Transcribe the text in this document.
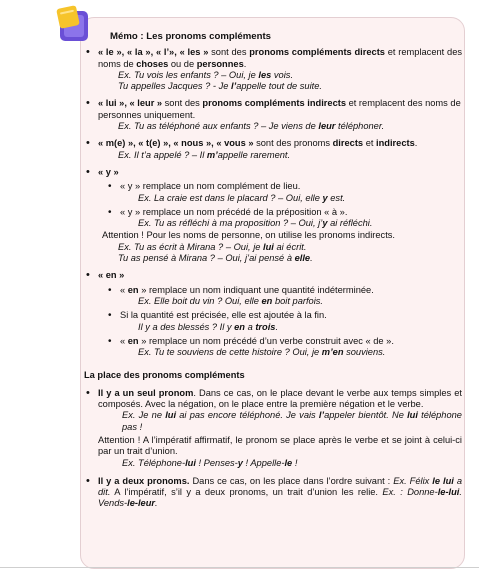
Mémo : Les pronoms compléments
• « le », « la », « l’», « les » sont des pronoms compléments directs et remplacent des noms de choses ou de personnes.
Ex. Tu vois les enfants ? – Oui, je les vois.
Tu appelles Jacques ? - Je l’appelle tout de suite.
• « lui », « leur » sont des pronoms compléments indirects et remplacent des noms de personnes uniquement.
Ex. Tu as téléphoné aux enfants ? – Je viens de leur téléphoner.
• « m(e) », « t(e) », « nous », « vous » sont des pronoms directs et indirects.
Ex. Il t’a appelé ? – Il m’appelle rarement.
• « y »
• « y » remplace un nom complément de lieu.
Ex. La craie est dans le placard ? – Oui, elle y est.
• « y » remplace un nom précédé de la préposition « à ».
Ex. Tu as réfléchi à ma proposition ? – Oui, j’y ai réfléchi.
Attention ! Pour les noms de personne, on utilise les pronoms indirects.
Ex. Tu as écrit à Mirana ? – Oui, je lui ai écrit.
Tu as pensé à Mirana ? – Oui, j’ai pensé à elle.
• « en »
• « en » remplace un nom indiquant une quantité indéterminée.
Ex. Elle boit du vin ? Oui, elle en boit parfois.
• Si la quantité est précisée, elle est ajoutée à la fin.
Il y a des blessés ? Il y en a trois.
• « en » remplace un nom précédé d’un verbe construit avec « de ».
Ex. Tu te souviens de cette histoire ? Oui, je m’en souviens.
La place des pronoms compléments
• Il y a un seul pronom. Dans ce cas, on le place devant le verbe aux temps simples et composés. Avec la négation, on le place entre la première négation et le verbe.
Ex. Je ne lui ai pas encore téléphoné. Je vais l’appeler bientôt. Ne lui téléphone pas !
Attention ! A l’impératif affirmatif, le pronom se place après le verbe et se joint à celui-ci par un trait d’union.
Ex. Téléphone-lui ! Penses-y ! Appelle-le !
• Il y a deux pronoms. Dans ce cas, on les place dans l’ordre suivant : Ex. Félix le lui a dit. A l’impératif, s’il y a deux pronoms, un trait d’union les relie. Ex. : Donne-le-lui. Vends-le-leur.
